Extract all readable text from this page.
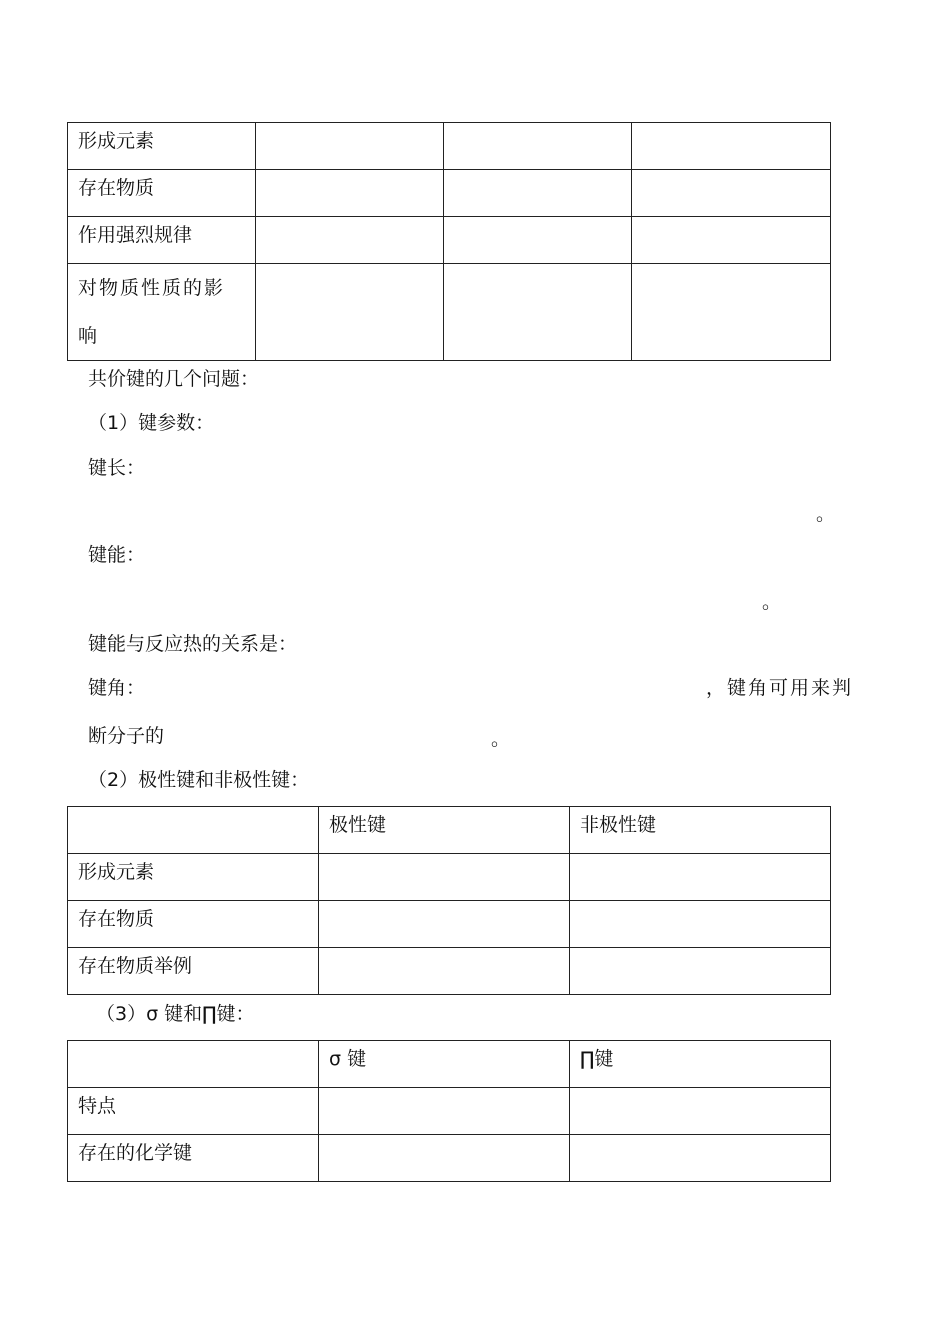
形成元素			
存在物质			
作用强烈规律			
对物质性质的影响			
共价键的几个问题：
（1）键参数：
键长：
。
键能：
。
键能与反应热的关系是：
键角：	，键角可用来判
断分子的	。
（2）极性键和非极性键：
	极性键	非极性键
形成元素		
存在物质		
存在物质举例		
（3）σ 键和∏键：
	σ 键	∏键
特点		
存在的化学键		
